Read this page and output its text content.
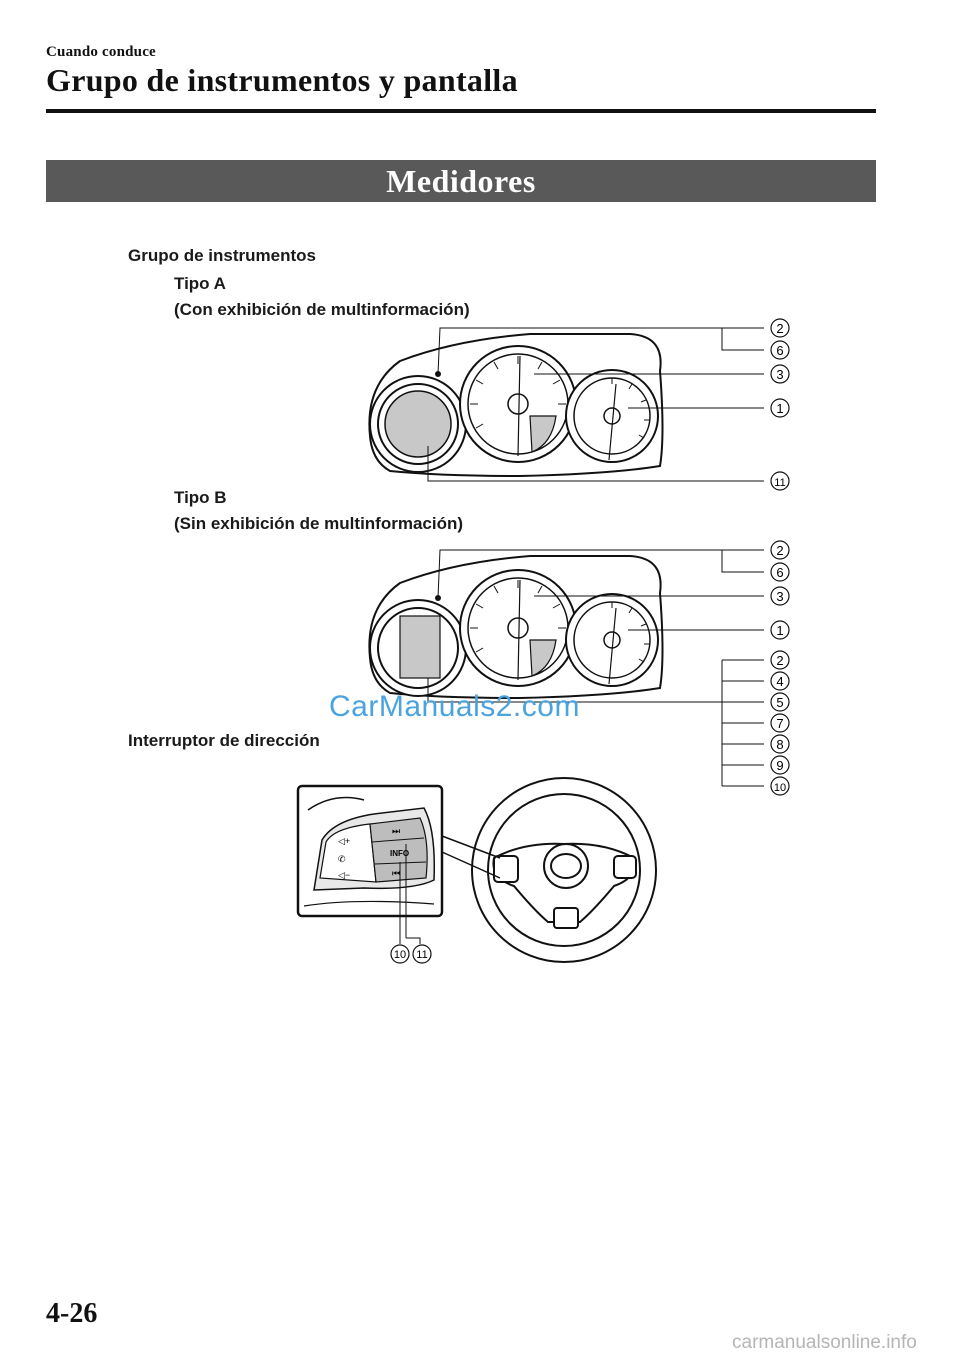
Cuando conduce
Grupo de instrumentos y pantalla
Medidores
Grupo de instrumentos
Tipo A
(Con exhibición de multinformación)
2
6
3
1
11
Tipo B
(Sin exhibición de multinformación)
2
6
3
1
2
4
5
7
8
9
10
CarManuals2.com
Interruptor de dirección
◁+
✆
◁−
⏭
INFO
⏮
10 11
4-26
carmanualsonline.info
